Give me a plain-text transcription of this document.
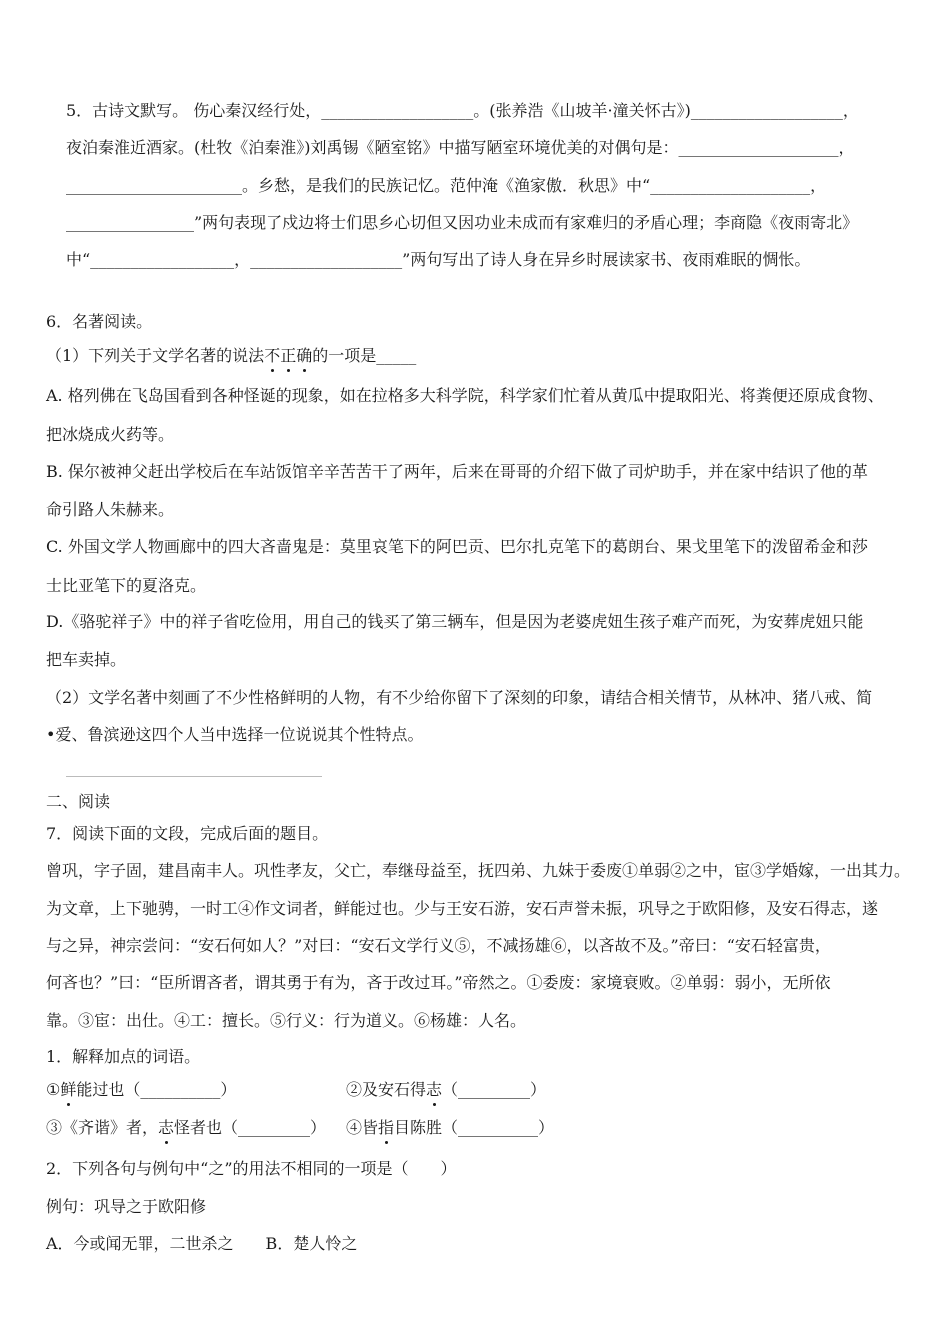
5．古诗文默写。 伤心秦汉经行处，___________________。(张养浩《山坡羊·潼关怀古》)___________________，
夜泊秦淮近酒家。(杜牧《泊秦淮》)刘禹锡《陋室铭》中描写陋室环境优美的对偶句是：____________________，
______________________。乡愁，是我们的民族记忆。范仲淹《渔家傲．秋思》中“____________________，
________________”两句表现了戍边将士们思乡心切但又因功业未成而有家难归的矛盾心理；李商隐《夜雨寄北》
中“__________________，___________________”两句写出了诗人身在异乡时展读家书、夜雨难眠的惆怅。
6．名著阅读。
（1）下列关于文学名著的说法不正确的一项是_____
A. 格列佛在飞岛国看到各种怪诞的现象，如在拉格多大科学院，科学家们忙着从黄瓜中提取阳光、将粪便还原成食物、
把冰烧成火药等。
B. 保尔被神父赶出学校后在车站饭馆辛辛苦苦干了两年，后来在哥哥的介绍下做了司炉助手，并在家中结识了他的革
命引路人朱赫来。
C. 外国文学人物画廊中的四大吝啬鬼是：莫里哀笔下的阿巴贡、巴尔扎克笔下的葛朗台、果戈里笔下的泼留希金和莎
士比亚笔下的夏洛克。
D.《骆驼祥子》中的祥子省吃俭用，用自己的钱买了第三辆车，但是因为老婆虎妞生孩子难产而死，为安葬虎妞只能
把车卖掉。
（2）文学名著中刻画了不少性格鲜明的人物，有不少给你留下了深刻的印象，请结合相关情节，从林冲、猪八戒、简
•爱、鲁滨逊这四个人当中选择一位说说其个性特点。
二、阅读
7．阅读下面的文段，完成后面的题目。
曾巩，字子固，建昌南丰人。巩性孝友，父亡，奉继母益至，抚四弟、九妹于委废①单弱②之中，宦③学婚嫁，一出其力。
为文章，上下驰骋，一时工④作文词者，鲜能过也。少与王安石游，安石声誉未振，巩导之于欧阳修，及安石得志，遂
与之异，神宗尝问：“安石何如人？”对曰：“安石文学行义⑤，不减扬雄⑥，以吝故不及。”帝曰：“安石轻富贵，
何吝也？”曰：“臣所谓吝者，谓其勇于有为，吝于改过耳。”帝然之。①委废：家境衰败。②单弱：弱小，无所依
靠。③宦：出仕。④工：擅长。⑤行义：行为道义。⑥杨雄：人名。
1．解释加点的词语。
①鲜能过也（__________）	②及安石得志（_________）
③《齐谐》者，志怪者也（_________） ④皆指目陈胜（__________）
2．下列各句与例句中“之”的用法不相同的一项是（　　）
例句：巩导之于欧阳修
A．今或闻无罪，二世杀之　　B．楚人怜之
